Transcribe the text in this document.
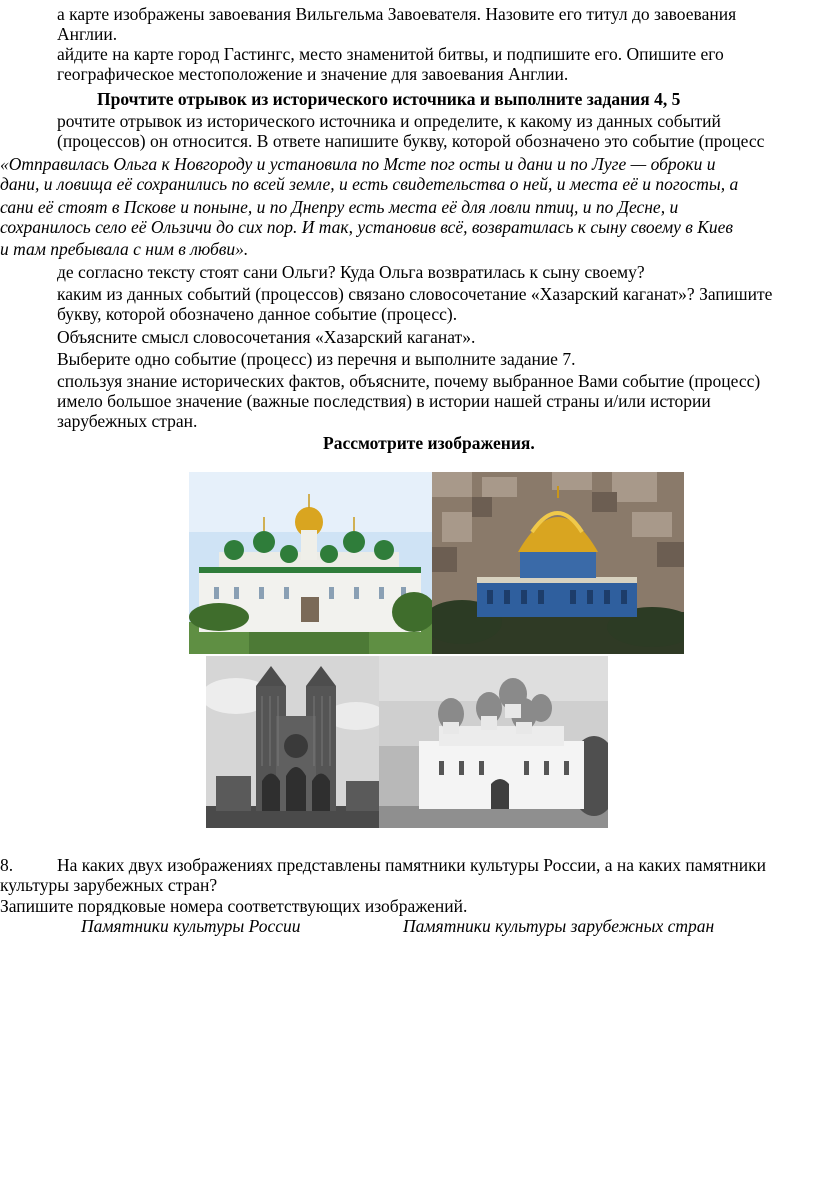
а карте изображены завоевания Вильгельма Завоевателя. Назовите его титул до завоевания
Англии.
айдите на карте город Гастингс, место знаменитой битвы, и подпишите его. Опишите его
географическое местоположение и значение для завоевания Англии.
Прочтите отрывок из исторического источника и выполните задания 4, 5
рочтите отрывок из исторического источника и определите, к какому из данных событий
(процессов) он относится. В ответе напишите букву, которой обозначено это событие (процесс
«Отправилась Ольга к Новгороду и установила по Мсте пог осты и дани и по Луге — оброки и
дани, и ловища её сохранились по всей земле, и есть свидетельства о ней, и места её и погосты, а
сани её стоят в Пскове и поныне, и по Днепру есть места её для ловли птиц, и по Десне, и
сохранилось село её Ользичи до сих пор. И так, установив всё, возвратилась к сыну своему в Киев
и там пребывала с ним в любви».
де согласно тексту стоят сани Ольги? Куда Ольга возвратилась к сыну своему?
каким из данных событий (процессов) связано словосочетание «Хазарский каганат»? Запишите
букву, которой обозначено данное событие (процесс).
Объясните смысл словосочетания «Хазарский каганат».
Выберите одно событие (процесс) из перечня и выполните задание 7.
спользуя знание исторических фактов, объясните, почему выбранное Вами событие (процесс)
имело большое значение (важные последствия) в истории нашей страны и/или истории
зарубежных стран.
Рассмотрите изображения.
8.	На каких двух изображениях представлены памятники культуры России, а на каких памятники
культуры зарубежных стран?
Запишите порядковые номера соответствующих изображений.
Памятники культуры России	Памятники культуры зарубежных стран
